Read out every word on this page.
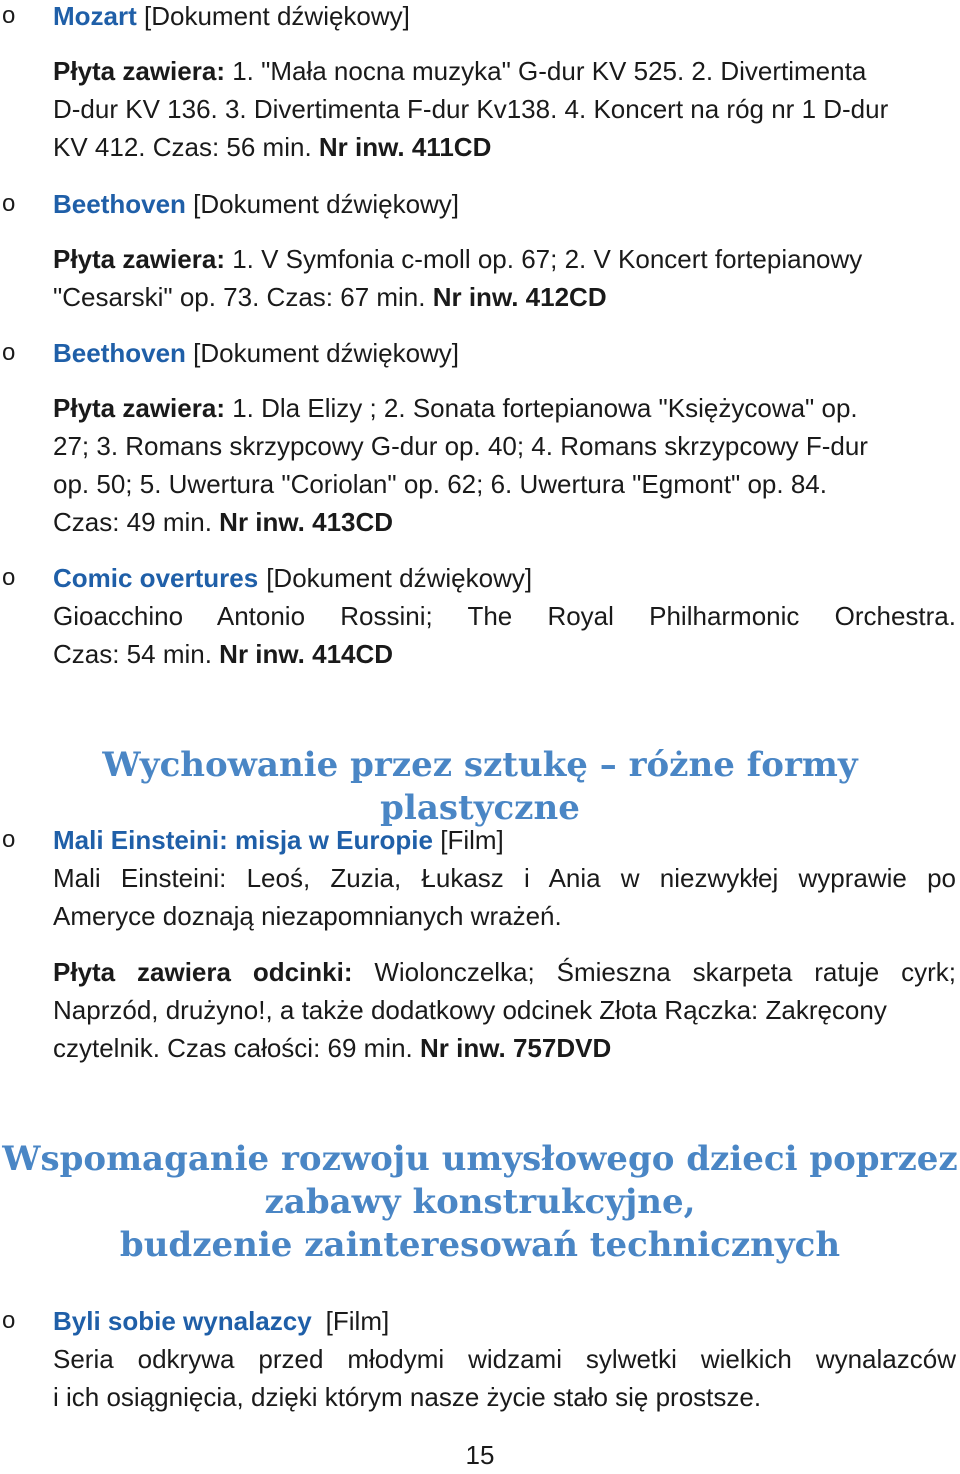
o Mozart [Dokument dźwiękowy]
Płyta zawiera: 1. "Mała nocna muzyka" G-dur KV 525. 2. Divertimenta
D-dur KV 136. 3. Divertimenta F-dur Kv138. 4. Koncert na róg nr 1 D-dur
KV 412. Czas: 56 min. Nr inw. 411CD
o Beethoven [Dokument dźwiękowy]
Płyta zawiera: 1. V Symfonia c-moll op. 67; 2. V Koncert fortepianowy
"Cesarski" op. 73. Czas: 67 min. Nr inw. 412CD
o Beethoven [Dokument dźwiękowy]
Płyta zawiera: 1. Dla Elizy ; 2. Sonata fortepianowa "Księżycowa" op.
27; 3. Romans skrzypcowy G-dur op. 40; 4. Romans skrzypcowy F-dur
op. 50; 5. Uwertura "Coriolan" op. 62; 6. Uwertura "Egmont" op. 84.
Czas: 49 min. Nr inw. 413CD
o Comic overtures [Dokument dźwiękowy]
Gioacchino Antonio Rossini; The Royal Philharmonic Orchestra.
Czas: 54 min. Nr inw. 414CD
Wychowanie przez sztukę – różne formy plastyczne
o Mali Einsteini: misja w Europie [Film]
Mali Einsteini: Leoś, Zuzia, Łukasz i Ania w niezwykłej wyprawie po
Ameryce doznają niezapomnianych wrażeń.
Płyta zawiera odcinki: Wiolonczelka; Śmieszna skarpeta ratuje cyrk;
Naprzód, drużyno!, a także dodatkowy odcinek Złota Rączka: Zakręcony
czytelnik. Czas całości: 69 min. Nr inw. 757DVD
Wspomaganie rozwoju umysłowego dzieci poprzez
zabawy konstrukcyjne,
budzenie zainteresowań technicznych
o Byli sobie wynalazcy [Film]
Seria odkrywa przed młodymi widzami sylwetki wielkich wynalazców
i ich osiągnięcia, dzięki którym nasze życie stało się prostsze.
15
